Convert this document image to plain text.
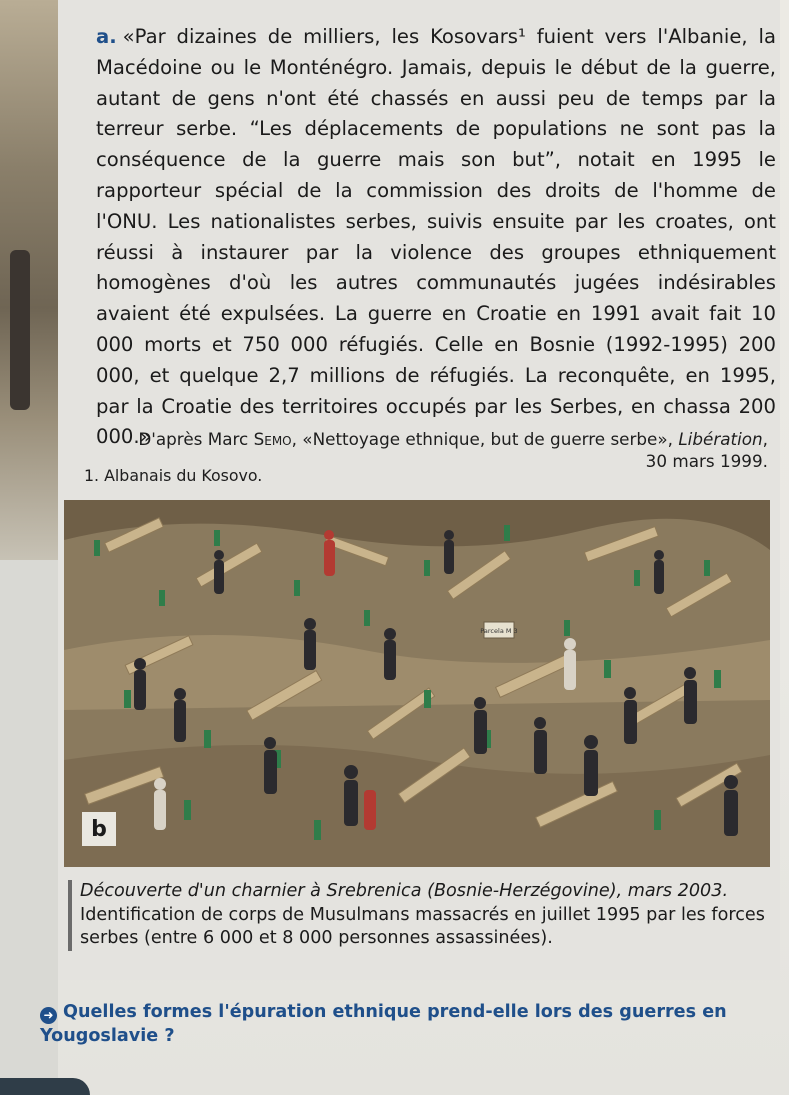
a. «Par dizaines de milliers, les Kosovars¹ fuient vers l'Albanie, la Macédoine ou le Monténégro. Jamais, depuis le début de la guerre, autant de gens n'ont été chassés en aussi peu de temps par la terreur serbe. “Les déplacements de populations ne sont pas la conséquence de la guerre mais son but”, notait en 1995 le rapporteur spécial de la commission des droits de l'homme de l'ONU. Les nationalistes serbes, suivis ensuite par les croates, ont réussi à instaurer par la violence des groupes ethniquement homogènes d'où les autres communautés jugées indésirables avaient été expulsées. La guerre en Croatie en 1991 avait fait 10 000 morts et 750 000 réfugiés. Celle en Bosnie (1992-1995) 200 000, et quelque 2,7 millions de réfugiés. La reconquête, en 1995, par la Croatie des territoires occupés par les Serbes, en chassa 200 000.»
D'après Marc Semo, «Nettoyage ethnique, but de guerre serbe», Libération,
30 mars 1999.
1. Albanais du Kosovo.
Parcela M 3
b
Découverte d'un charnier à Srebrenica (Bosnie-Herzégovine), mars 2003.
Identification de corps de Musulmans massacrés en juillet 1995 par les forces serbes (entre 6 000 et 8 000 personnes assassinées).
➜ Quelles formes l'épuration ethnique prend-elle lors des guerres en Yougoslavie ?
